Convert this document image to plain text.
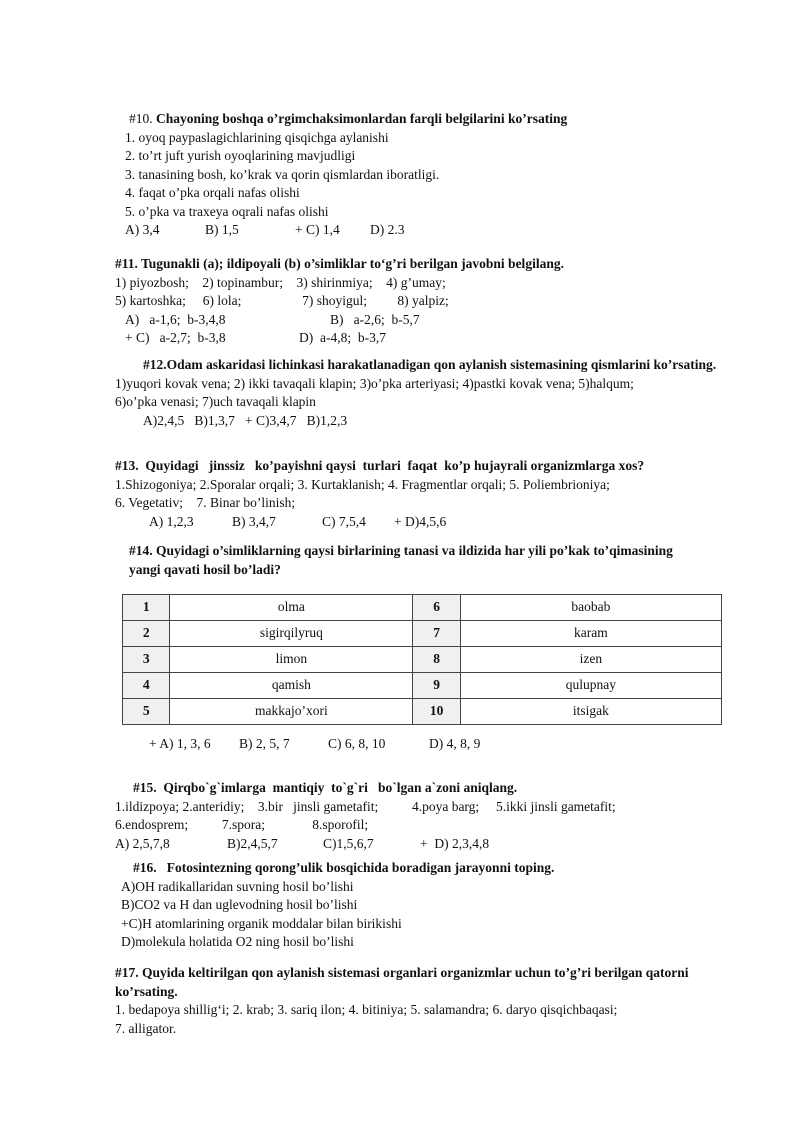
#10. Chayoning boshqa o’rgimchaksimonlardan farqli belgilarini ko’rsating
1. oyoq paypaslagichlarining qisqichga aylanishi
2. to’rt juft yurish oyoqlarining mavjudligi
3. tanasining bosh, ko’krak va qorin qismlardan iboratligi.
4. faqat o’pka orqali nafas olishi
5. o’pka va traxeya oqrali nafas olishi
A) 3,4	B) 1,5	+ C) 1,4 D) 2.3
#11. Tugunakli (a); ildipoyali (b) o’simliklar to‘g’ri berilgan javobni belgilang.
1) piyozbosh;    2) topinambur;    3) shirinmiya;    4) g’umay;
5) kartoshka;     6) lola;                  7) shoyigul;         8) yalpiz;
A)   a-1,6;  b-3,4,8	B)   a-2,6;  b-5,7
+ C)   a-2,7;  b-3,8	D)  a-4,8;  b-3,7
#12.Odam askaridasi lichinkasi harakatlanadigan qon aylanish sistemasining qismlarini ko’rsating.
1)yuqori kovak vena; 2) ikki tavaqali klapin; 3)o’pka arteriyasi; 4)pastki kovak vena; 5)halqum;
6)o’pka venasi; 7)uch tavaqali klapin
A)2,4,5   B)1,3,7   + C)3,4,7   B)1,2,3
#13.  Quyidagi   jinssiz   ko’payishni qaysi  turlari  faqat  ko’p hujayrali organizmlarga xos?
1.Shizogoniya; 2.Sporalar orqali; 3. Kurtaklanish; 4. Fragmentlar orqali; 5. Poliembrioniya;
6. Vegetativ;    7. Binar bo’linish;
A) 1,2,3	B) 3,4,7	C) 7,5,4 + D)4,5,6
#14. Quyidagi o’simliklarning qaysi birlarining tanasi va ildizida har yili po’kak to’qimasining
yangi qavati hosil bo’ladi?
1	olma	6	baobab
2	sigirqilyruq	7	karam
3	limon	8	izen
4	qamish	9	qulupnay
5	makkajo’xori	10	itsigak
+ A) 1, 3, 6 B) 2, 5, 7	C) 6, 8, 10	D) 4, 8, 9
#15.  Qirqbo`g`imlarga  mantiqiy  to`g`ri   bo`lgan a`zoni aniqlang.
1.ildizpoya; 2.anteridiy;    3.bir   jinsli gametafit;          4.poya barg;     5.ikki jinsli gametafit;
6.endosprem;          7.spora;              8.sporofil;
A) 2,5,7,8	B)2,4,5,7	C)1,5,6,7	+  D) 2,3,4,8
#16.   Fotosintezning qorong’ulik bosqichida boradigan jarayonni toping.
A)OH radikallaridan suvning hosil bo’lishi
B)CO2 va H dan uglevodning hosil bo’lishi
+C)H atomlarining organik moddalar bilan birikishi
D)molekula holatida O2 ning hosil bo’lishi
#17. Quyida keltirilgan qon aylanish sistemasi organlari organizmlar uchun to’g’ri berilgan qatorni ko’rsating.
1. bedapoya shillig‘i; 2. krab; 3. sariq ilon; 4. bitiniya; 5. salamandra; 6. daryo qisqichbaqasi;
7. alligator.
